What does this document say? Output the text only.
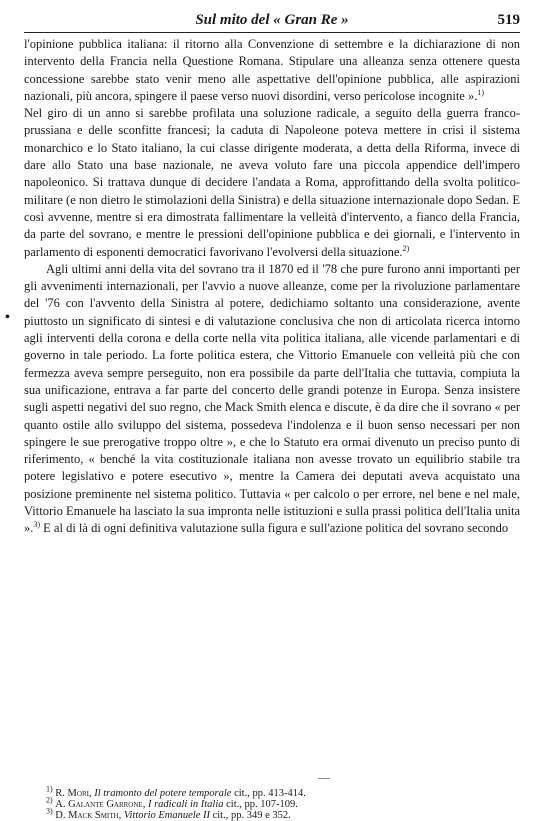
Sul mito del « Gran Re »	519
•

l'opinione pubblica italiana: il ritorno alla Convenzione di settembre e la dichiarazione di non intervento della Francia nella Questione Romana. Stipulare una alleanza senza ottenere questa concessione sarebbe stato venir meno alle aspettative dell'opinione pubblica, alle aspirazioni nazionali, più ancora, spingere il paese verso nuovi disordini, verso pericolose incognite ».$^{1)}$

Nel giro di un anno si sarebbe profilata una soluzione radicale, a seguito della guerra franco-prussiana e delle sconfitte francesi; la caduta di Napoleone poteva mettere in crisi il sistema monarchico e lo Stato italiano, la cui classe dirigente moderata, a detta della Riforma, invece di dare allo Stato una base nazionale, ne aveva voluto fare una piccola appendice dell'impero napoleonico. Si trattava dunque di decidere l'andata a Roma, approfittando della svolta politico-militare (e non dietro le stimolazioni della Sinistra) e della situazione internazionale dopo Sedan. E così avvenne, mentre si era dimostrata fallimentare la velleità d'intervento, a fianco della Francia, da parte del sovrano, e mentre le pressioni dell'opinione pubblica e dei giornali, e l'intervento in parlamento di esponenti democratici favorivano l'evolversi della situazione.$^{2)}$

Agli ultimi anni della vita del sovrano tra il 1870 ed il '78 che pure furono anni importanti per gli avvenimenti internazionali, per l'avvio a nuove alleanze, come per la rivoluzione parlamentare del '76 con l'avvento della Sinistra al potere, dedichiamo soltanto una considerazione, avente piuttosto un significato di sintesi e di valutazione conclusiva che non di articolata ricerca intorno agli interventi della corona e della corte nella vita politica italiana, alle vicende parlamentari e di governo in tale periodo. La forte politica estera, che Vittorio Emanuele con velleità più che con fermezza aveva sempre perseguito, non era possibile da parte dell'Italia che tuttavia, compiuta la sua unificazione, entrava a far parte del concerto delle grandi potenze in Europa. Senza insistere sugli aspetti negativi del suo regno, che Mack Smith elenca e discute, è da dire che il sovrano « per quanto ostile allo sviluppo del sistema, possedeva l'indolenza e il buon senso necessari per non spingere le sue prerogative troppo oltre », e che lo Statuto era ormai divenuto un preciso punto di riferimento, « benché la vita costituzionale italiana non avesse trovato un equilibrio stabile tra potere legislativo e potere esecutivo », mentre la Camera dei deputati aveva acquistato una posizione preminente nel sistema politico. Tuttavia « per calcolo o per errore, nel bene e nel male, Vittorio Emanuele ha lasciato la sua impronta nelle istituzioni e sulla prassi politica dell'Italia unita ».$^{3)}$ E al di là di ogni definitiva valutazione sulla figura e sull'azione politica del sovrano secondo

$^{1)}$ R. Mori, Il tramonto del potere temporale cit., pp. 413-414.
$^{2)}$ A. Galante Garrone, I radicali in Italia cit., pp. 107-109.
$^{3)}$ D. Mack Smith, Vittorio Emanuele II cit., pp. 349 e 352.
